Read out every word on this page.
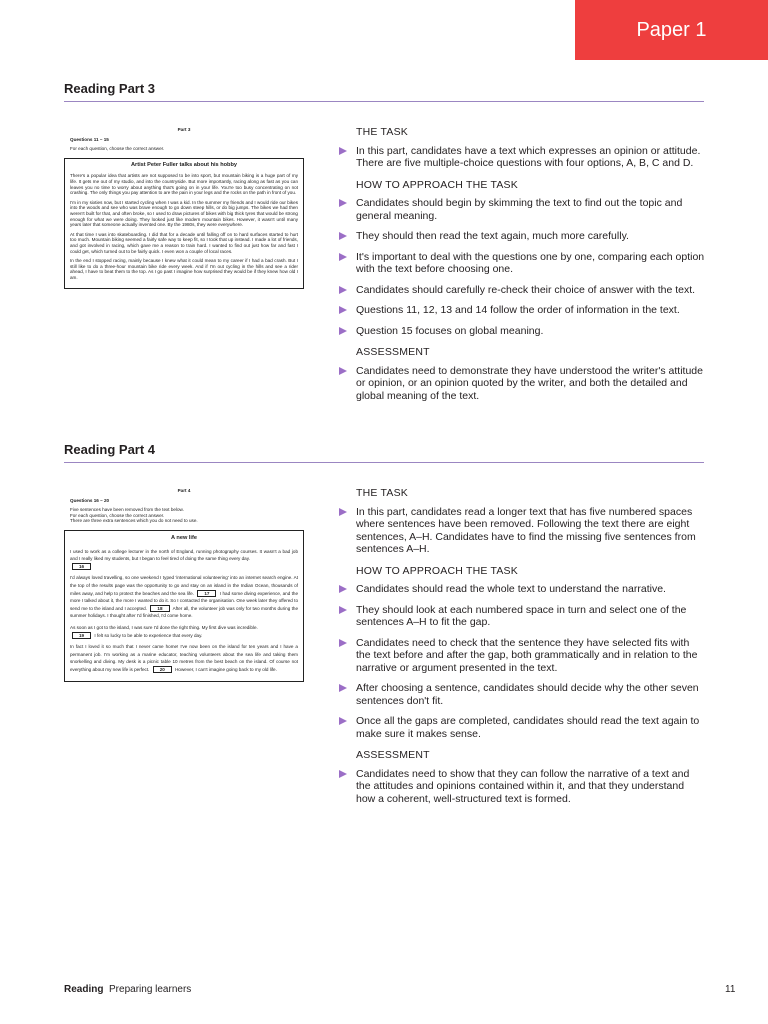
Paper 1
Reading Part 3
Part 3
Questions 11 – 15
For each question, choose the correct answer.
Artist Peter Fuller talks about his hobby

There's a popular idea that artists are not supposed to be into sport, but mountain biking is a huge part of my life. It gets me out of my studio, and into the countryside. But more importantly, racing along as fast as you can leaves you no time to worry about anything that's going on in your life. You're too busy concentrating on not crashing. The only things you pay attention to are the pain in your legs and the rocks on the path in front of you.

I'm in my sixties now, but I started cycling when I was a kid. In the summer my friends and I would ride our bikes into the woods and see who was brave enough to go down steep hills, or do big jumps. The bikes we had then weren't built for that, and often broke, so I used to draw pictures of bikes with big thick tyres that would be strong enough for what we were doing. They looked just like modern mountain bikes. However, it wasn't until many years later that someone actually invented one. By the 1980s, they were everywhere.

At that time I was into skateboarding. I did that for a decade until falling off on to hard surfaces started to hurt too much. Mountain biking seemed a fairly safe way to keep fit, so I took that up instead. I made a lot of friends, and got involved in racing, which gave me a reason to train hard. I wanted to find out just how far and fast I could get, which turned out to be fairly quick. I even won a couple of local races.

In the end I stopped racing, mainly because I knew what it could mean to my career if I had a bad crash. But I still like to do a three-hour mountain bike ride every week. And if I'm out cycling in the hills and see a rider ahead, I have to beat them to the top. As I go past I imagine how surprised they would be if they knew how old I am.

THE TASK
In this part, candidates have a text which expresses an opinion or attitude. There are five multiple-choice questions with four options, A, B, C and D.
HOW TO APPROACH THE TASK
Candidates should begin by skimming the text to find out the topic and general meaning.
They should then read the text again, much more carefully.
It's important to deal with the questions one by one, comparing each option with the text before choosing one.
Candidates should carefully re-check their choice of answer with the text.
Questions 11, 12, 13 and 14 follow the order of information in the text.
Question 15 focuses on global meaning.
ASSESSMENT
Candidates need to demonstrate they have understood the writer's attitude or opinion, or an opinion quoted by the writer, and both the detailed and global meaning of the text.
Reading Part 4
Part 4
Questions 16 – 20
Five sentences have been removed from the text below.
For each question, choose the correct answer.
There are three extra sentences which you do not need to use.
A new life

I used to work as a college lecturer in the north of England, running photography courses. It wasn't a bad job and I really liked my students, but I began to feel tired of doing the same thing every day.
16

I'd always loved travelling, so one weekend I typed 'international volunteering' into an internet search engine. At the top of the results page was the opportunity to go and stay on an island in the Indian Ocean, thousands of miles away, and help to protect the beaches and the sea life. 17 I had some diving experience, and the more I talked about it, the more I wanted to do it. So I contacted the organisation. One week later they offered to send me to the island and I accepted. 18 After all, the volunteer job was only for two months during the summer holidays. I thought after I'd finished, I'd come home.

As soon as I got to the island, I was sure I'd done the right thing. My first dive was incredible.
19 I felt so lucky to be able to experience that every day.

In fact I loved it so much that I never came home! I've now been on the island for ten years and I have a permanent job. I'm working as a marine educator, teaching volunteers about the sea life and taking them snorkelling and diving. My desk is a picnic table 10 metres from the best beach on the island. Of course not everything about my new life is perfect. 20 However, I can't imagine going back to my old life.

THE TASK
In this part, candidates read a longer text that has five numbered spaces where sentences have been removed. Following the text there are eight sentences, A–H. Candidates have to find the missing five sentences from sentences A–H.
HOW TO APPROACH THE TASK
Candidates should read the whole text to understand the narrative.
They should look at each numbered space in turn and select one of the sentences A–H to fit the gap.
Candidates need to check that the sentence they have selected fits with the text before and after the gap, both grammatically and in relation to the narrative or argument presented in the text.
After choosing a sentence, candidates should decide why the other seven sentences don't fit.
Once all the gaps are completed, candidates should read the text again to make sure it makes sense.
ASSESSMENT
Candidates need to show that they can follow the narrative of a text and the attitudes and opinions contained within it, and that they understand how a coherent, well-structured text is formed.
Reading Preparing learners	11
